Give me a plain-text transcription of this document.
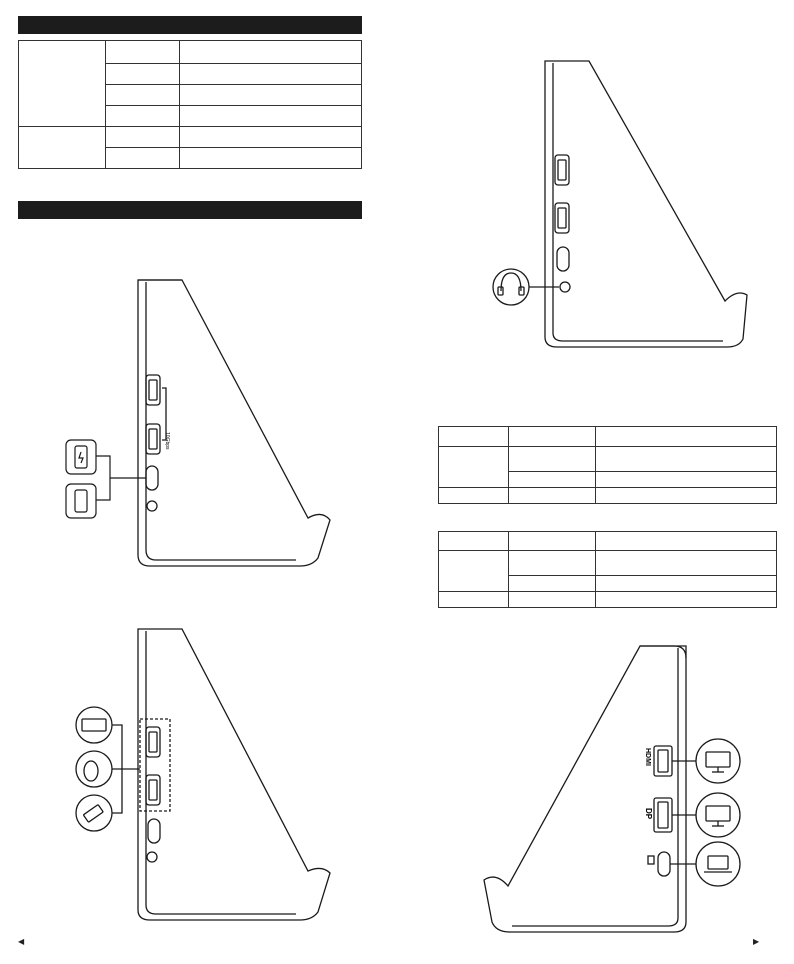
10Gbps

HDMI
DP
◀	▶
